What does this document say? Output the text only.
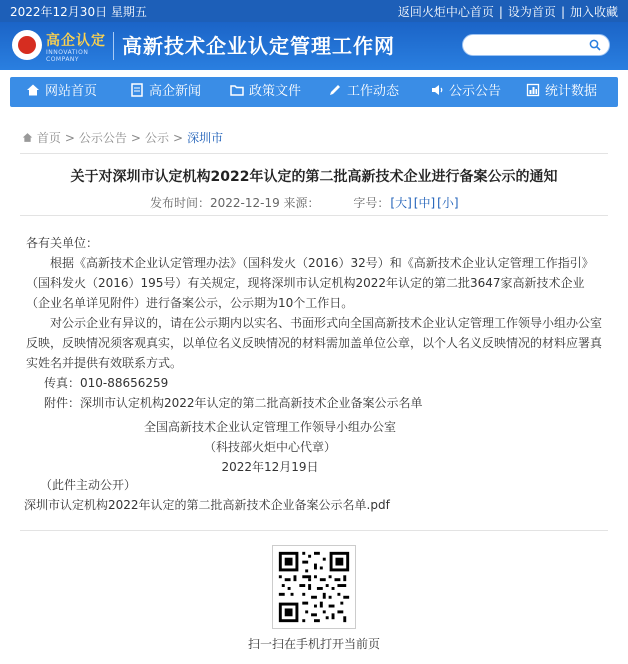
2022年12月30日 星期五	返回火炬中心首页 | 设为首页 | 加入收藏
高企认定
INNOVATION COMPANY
高新技术企业认定管理工作网
网站首页	高企新闻	政策文件	工作动态	公示公告	统计数据
首页 > 公示公告 > 公示 > 深圳市
关于对深圳市认定机构2022年认定的第二批高新技术企业进行备案公示的通知
发布时间：2022-12-19 来源：	字号：[大] [中] [小]

各有关单位：

根据《高新技术企业认定管理办法》（国科发火（2016）32号）和《高新技术企业认定管理工作指引》（国科发火（2016）195号）有关规定，现将深圳市认定机构2022年认定的第二批3647家高新技术企业（企业名单详见附件）进行备案公示，公示期为10个工作日。

对公示企业有异议的，请在公示期内以实名、书面形式向全国高新技术企业认定管理工作领导小组办公室反映，反映情况须客观真实，以单位名义反映情况的材料需加盖单位公章，以个人名义反映情况的材料应署真实姓名并提供有效联系方式。

传真：010-88656259

附件：深圳市认定机构2022年认定的第二批高新技术企业备案公示名单

全国高新技术企业认定管理工作领导小组办公室
（科技部火炬中心代章）
2022年12月19日
（此件主动公开）
深圳市认定机构2022年认定的第二批高新技术企业备案公示名单.pdf
扫一扫在手机打开当前页
